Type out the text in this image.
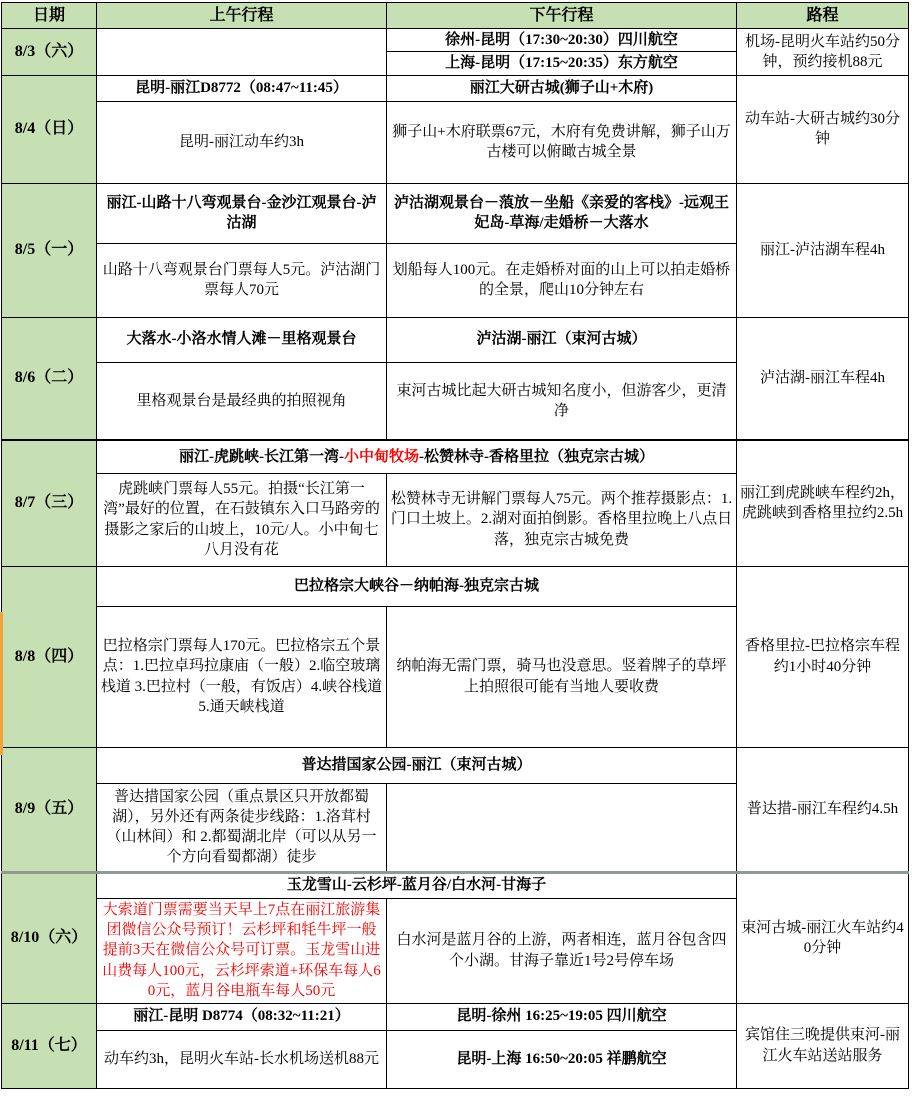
日期	上午行程	下午行程	路程
8/3（六）		徐州-昆明（17:30~20:30）四川航空	机场-昆明火车站约50分钟，预约接机88元
		上海-昆明（17:15~20:35）东方航空	
8/4（日）	昆明-丽江D8772（08:47~11:45）	丽江大研古城(狮子山+木府)	动车站-大研古城约30分钟
	昆明-丽江动车约3h	狮子山+木府联票67元，木府有免费讲解，狮子山万古楼可以俯瞰古城全景	
8/5（一）	丽江-山路十八弯观景台-金沙江观景台-泸沽湖	泸沽湖观景台－蒗放－坐船《亲爱的客栈》-远观王妃岛-草海/走婚桥－大落水	丽江-泸沽湖车程4h
	山路十八弯观景台门票每人5元。泸沽湖门票每人70元	划船每人100元。在走婚桥对面的山上可以拍走婚桥的全景，爬山10分钟左右	
8/6（二）	大落水-小洛水情人滩－里格观景台	泸沽湖-丽江（束河古城）	泸沽湖-丽江车程4h
	里格观景台是最经典的拍照视角	束河古城比起大研古城知名度小，但游客少，更清净	
8/7（三）	丽江-虎跳峡-长江第一湾-小中甸牧场-松赞林寺-香格里拉（独克宗古城）		丽江到虎跳峡车程约2h，虎跳峡到香格里拉约2.5h
	虎跳峡门票每人55元。拍摄“长江第一湾”最好的位置，在石鼓镇东入口马路旁的摄影之家后的山坡上，10元/人。小中甸七八月没有花	松赞林寺无讲解门票每人75元。两个推荐摄影点：1.门口土坡上。2.湖对面拍倒影。香格里拉晚上八点日落，独克宗古城免费	
8/8（四）	巴拉格宗大峡谷－纳帕海-独克宗古城		香格里拉-巴拉格宗车程约1小时40分钟
	巴拉格宗门票每人170元。巴拉格宗五个景点：1.巴拉卓玛拉康庙（一般）2.临空玻璃栈道 3.巴拉村（一般，有饭店）4.峡谷栈道 5.通天峡栈道	纳帕海无需门票，骑马也没意思。竖着牌子的草坪上拍照很可能有当地人要收费	
8/9（五）	普达措国家公园-丽江（束河古城）		普达措-丽江车程约4.5h
	普达措国家公园（重点景区只开放都蜀湖），另外还有两条徒步线路：1.洛茸村（山林间）和 2.都蜀湖北岸（可以从另一个方向看蜀都湖）徒步		
8/10（六）	玉龙雪山-云杉坪-蓝月谷/白水河-甘海子		束河古城-丽江火车站约40分钟
	大索道门票需要当天早上7点在丽江旅游集团微信公众号预订！云杉坪和牦牛坪一般提前3天在微信公众号可订票。玉龙雪山进山费每人100元，云杉坪索道+环保车每人60元，蓝月谷电瓶车每人50元	白水河是蓝月谷的上游，两者相连，蓝月谷包含四个小湖。甘海子靠近1号2号停车场	
8/11（七）	丽江-昆明 D8774（08:32~11:21）	昆明-徐州 16:25~19:05 四川航空	宾馆住三晚提供束河-丽江火车站送站服务
	动车约3h，昆明火车站-长水机场送机88元	昆明-上海 16:50~20:05 祥鹏航空	
